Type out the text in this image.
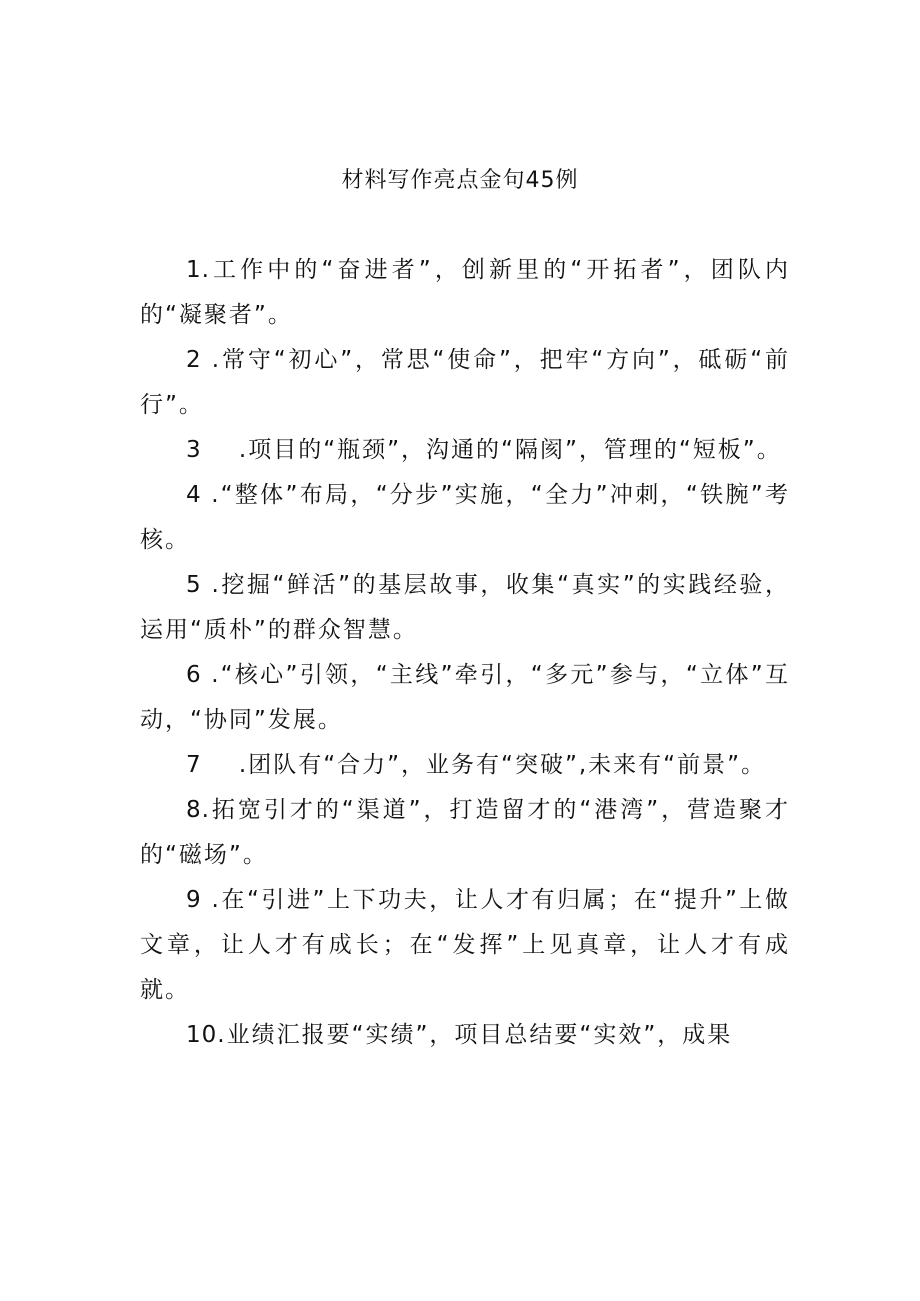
材料写作亮点金句45例

1.工作中的“奋进者”，创新里的“开拓者”，团队内的“凝聚者”。

2 .常守“初心”，常思“使命”，把牢“方向”，砥砺“前行”。

3    .项目的“瓶颈”，沟通的“隔阂”，管理的“短板”。

4 .“整体”布局，“分步”实施，“全力”冲刺，“铁腕”考核。

5 .挖掘“鲜活”的基层故事，收集“真实”的实践经验，运用“质朴”的群众智慧。

6 .“核心”引领，“主线”牵引，“多元”参与，“立体”互动，“协同”发展。

7    .团队有“合力”，业务有“突破”,未来有“前景”。

8.拓宽引才的“渠道”，打造留才的“港湾”，营造聚才的“磁场”。

9 .在“引进”上下功夫，让人才有归属；在“提升”上做文章，让人才有成长；在“发挥”上见真章，让人才有成就。

10.业绩汇报要“实绩”，项目总结要“实效”，成果
